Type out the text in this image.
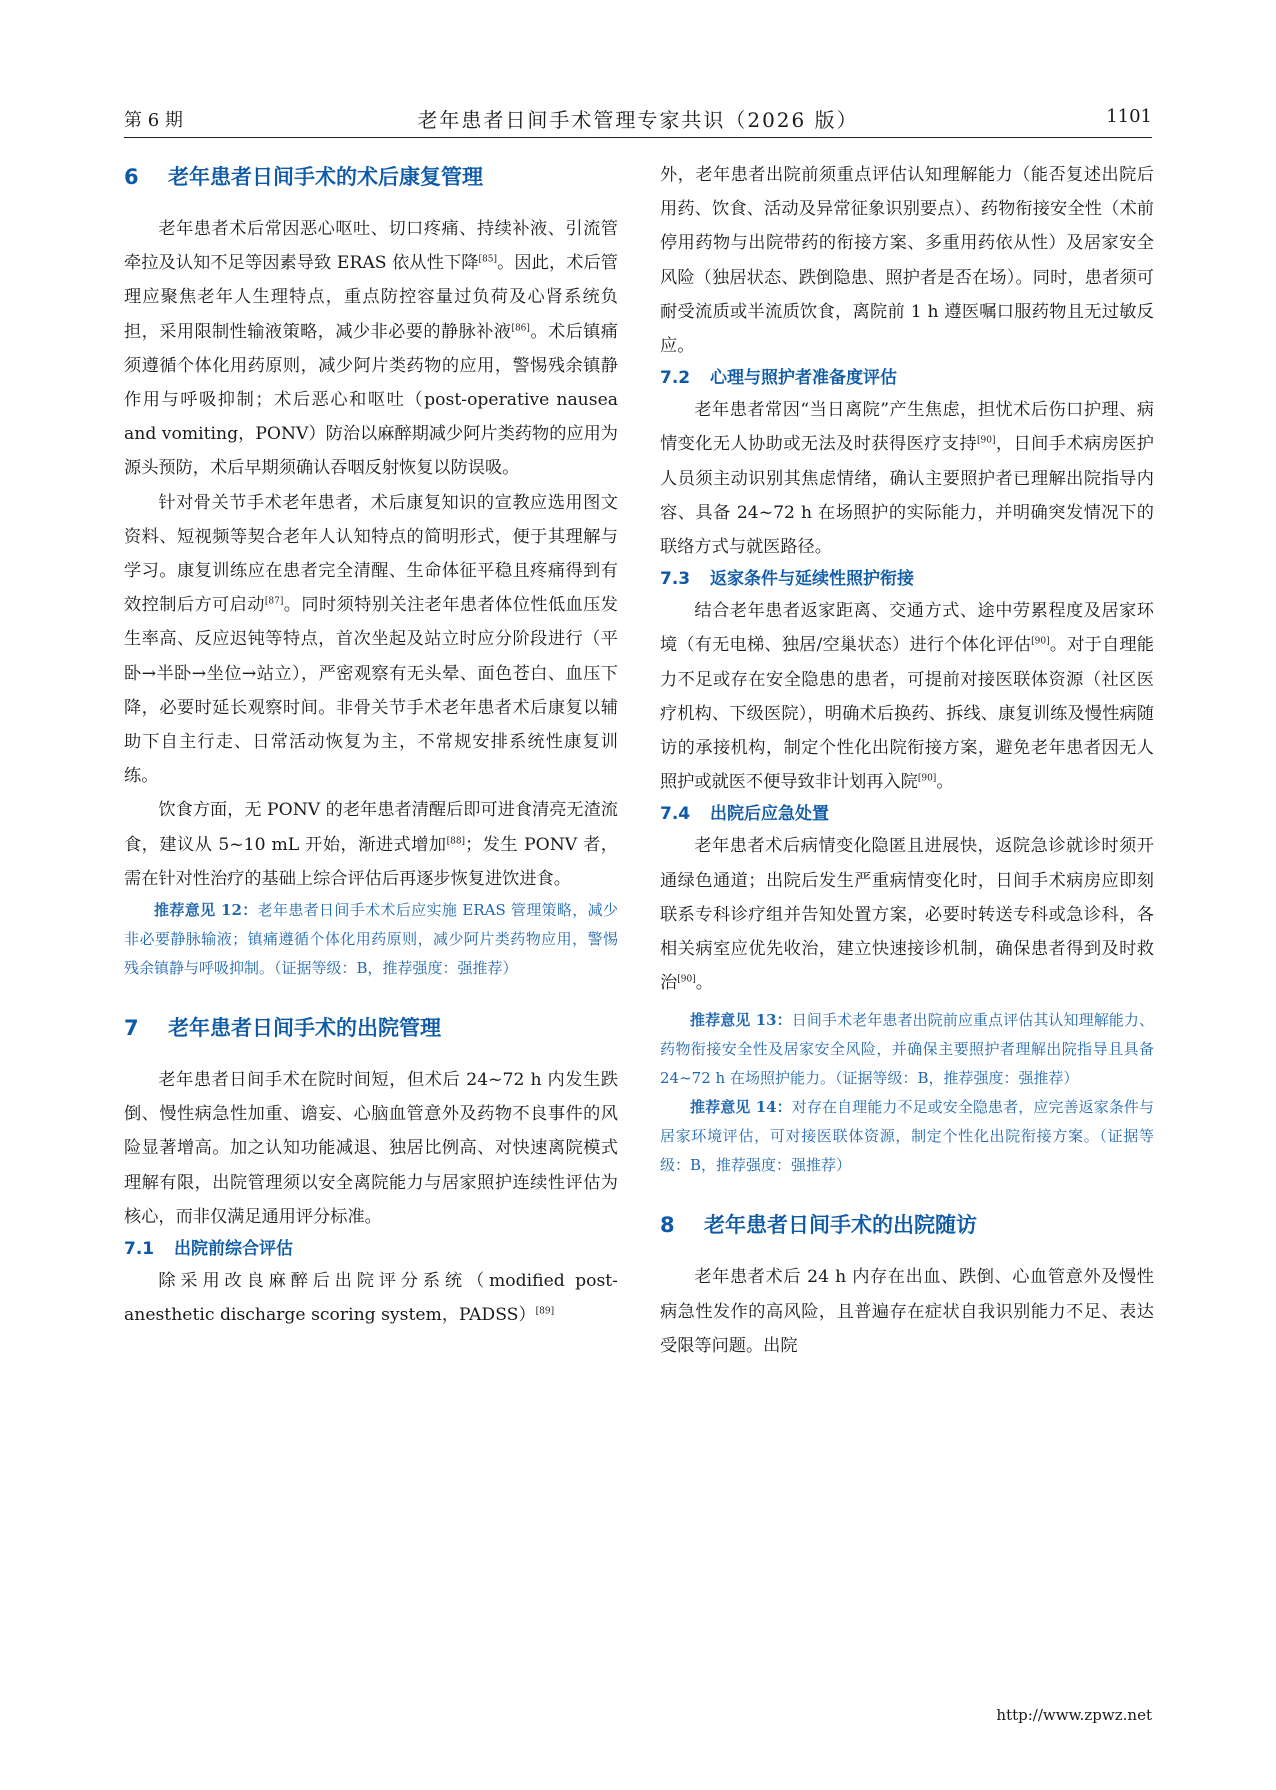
第 6 期	老年患者日间手术管理专家共识（2026 版）	1101
6 老年患者日间手术的术后康复管理

老年患者术后常因恶心呕吐、切口疼痛、持续补液、引流管牵拉及认知不足等因素导致 ERAS 依从性下降[85]。因此，术后管理应聚焦老年人生理特点，重点防控容量过负荷及心肾系统负担，采用限制性输液策略，减少非必要的静脉补液[86]。术后镇痛须遵循个体化用药原则，减少阿片类药物的应用，警惕残余镇静作用与呼吸抑制；术后恶心和呕吐（post-operative nausea and vomiting，PONV）防治以麻醉期减少阿片类药物的应用为源头预防，术后早期须确认吞咽反射恢复以防误吸。

针对骨关节手术老年患者，术后康复知识的宣教应选用图文资料、短视频等契合老年人认知特点的简明形式，便于其理解与学习。康复训练应在患者完全清醒、生命体征平稳且疼痛得到有效控制后方可启动[87]。同时须特别关注老年患者体位性低血压发生率高、反应迟钝等特点，首次坐起及站立时应分阶段进行（平卧→半卧→坐位→站立），严密观察有无头晕、面色苍白、血压下降，必要时延长观察时间。非骨关节手术老年患者术后康复以辅助下自主行走、日常活动恢复为主，不常规安排系统性康复训练。

饮食方面，无 PONV 的老年患者清醒后即可进食清亮无渣流食，建议从 5~10 mL 开始，渐进式增加[88]；发生 PONV 者，需在针对性治疗的基础上综合评估后再逐步恢复进饮进食。

推荐意见 12：老年患者日间手术术后应实施 ERAS 管理策略，减少非必要静脉输液；镇痛遵循个体化用药原则，减少阿片类药物应用，警惕残余镇静与呼吸抑制。（证据等级：B，推荐强度：强推荐）

7 老年患者日间手术的出院管理

老年患者日间手术在院时间短，但术后 24~72 h 内发生跌倒、慢性病急性加重、谵妄、心脑血管意外及药物不良事件的风险显著增高。加之认知功能减退、独居比例高、对快速离院模式理解有限，出院管理须以安全离院能力与居家照护连续性评估为核心，而非仅满足通用评分标准。

7.1 出院前综合评估

除采用改良麻醉后出院评分系统（modified post-anesthetic discharge scoring system，PADSS）[89]

外，老年患者出院前须重点评估认知理解能力（能否复述出院后用药、饮食、活动及异常征象识别要点）、药物衔接安全性（术前停用药物与出院带药的衔接方案、多重用药依从性）及居家安全风险（独居状态、跌倒隐患、照护者是否在场）。同时，患者须可耐受流质或半流质饮食，离院前 1 h 遵医嘱口服药物且无过敏反应。

7.2 心理与照护者准备度评估

老年患者常因“当日离院”产生焦虑，担忧术后伤口护理、病情变化无人协助或无法及时获得医疗支持[90]，日间手术病房医护人员须主动识别其焦虑情绪，确认主要照护者已理解出院指导内容、具备 24~72 h 在场照护的实际能力，并明确突发情况下的联络方式与就医路径。

7.3 返家条件与延续性照护衔接

结合老年患者返家距离、交通方式、途中劳累程度及居家环境（有无电梯、独居/空巢状态）进行个体化评估[90]。对于自理能力不足或存在安全隐患的患者，可提前对接医联体资源（社区医疗机构、下级医院），明确术后换药、拆线、康复训练及慢性病随访的承接机构，制定个性化出院衔接方案，避免老年患者因无人照护或就医不便导致非计划再入院[90]。

7.4 出院后应急处置

老年患者术后病情变化隐匿且进展快，返院急诊就诊时须开通绿色通道；出院后发生严重病情变化时，日间手术病房应即刻联系专科诊疗组并告知处置方案，必要时转送专科或急诊科，各相关病室应优先收治，建立快速接诊机制，确保患者得到及时救治[90]。

推荐意见 13：日间手术老年患者出院前应重点评估其认知理解能力、药物衔接安全性及居家安全风险，并确保主要照护者理解出院指导且具备 24~72 h 在场照护能力。（证据等级：B，推荐强度：强推荐）

推荐意见 14：对存在自理能力不足或安全隐患者，应完善返家条件与居家环境评估，可对接医联体资源，制定个性化出院衔接方案。（证据等级：B，推荐强度：强推荐）

8 老年患者日间手术的出院随访

老年患者术后 24 h 内存在出血、跌倒、心血管意外及慢性病急性发作的高风险，且普遍存在症状自我识别能力不足、表达受限等问题。出院

http://www.zpwz.net
